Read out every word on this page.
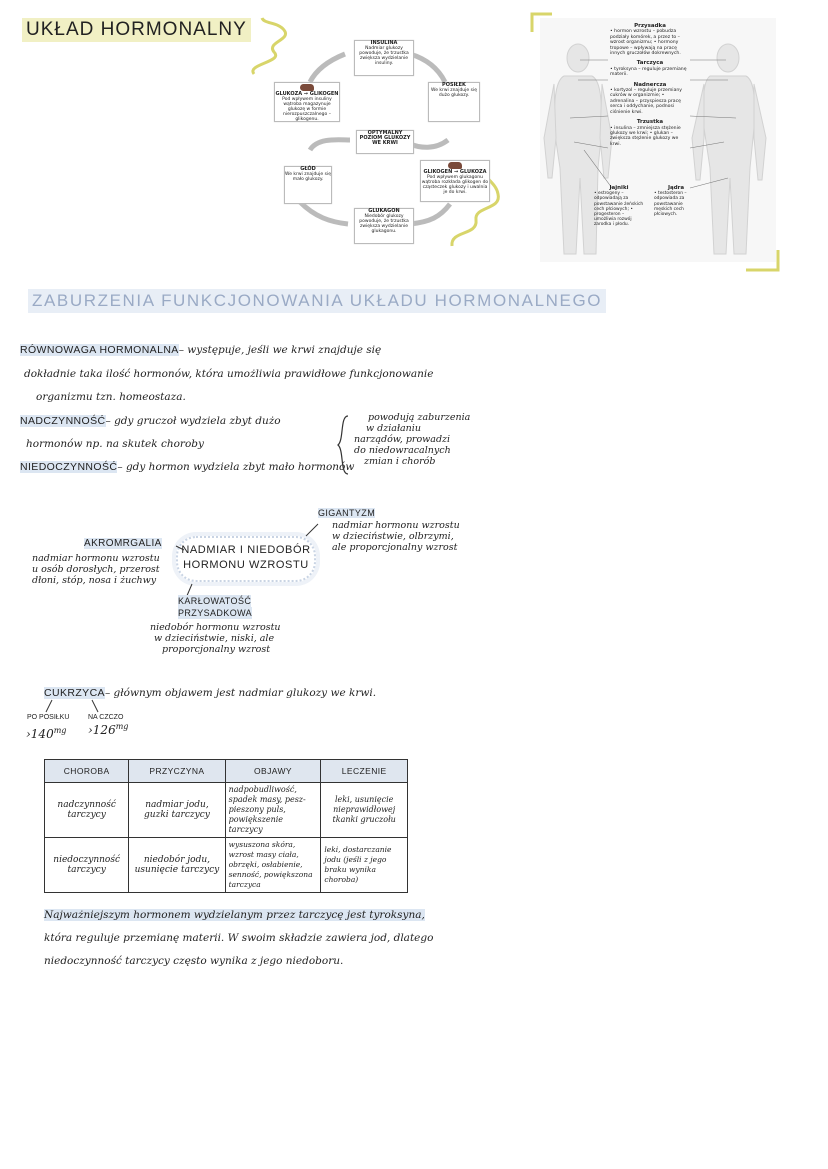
UKŁAD HORMONALNY
INSULINA
Nadmiar glukozy powoduje, że trzustka zwiększa wydzielanie insuliny.
POSIŁEK
We krwi znajduje się dużo glukozy.
GLUKOZA → GLIKOGEN
Pod wpływem insuliny wątroba magazynuje glukozę w formie nierozpuszczalnego – glikogenu.
OPTYMALNY POZIOM GLUKOZY WE KRWI
GŁÓD
We krwi znajduje się mało glukozy.
GLIKOGEN → GLUKOZA
Pod wpływem glukagonu wątroba rozkłada glikogen do cząsteczek glukozy i uwalnia je do krwi.
GLUKAGON
Niedobór glukozy powoduje, że trzustka zwiększa wydzielanie glukagonu.
Przysadka
• hormon wzrostu – pobudza podziały komórek, a przez to – wzrost organizmu; • hormony tropowe – wpływają na pracę innych gruczołów dokrewnych.
Tarczyca
• tyroksyna – reguluje przemianę materii.
Nadnercza
• kortyzol – reguluje przemiany cukrów w organizmie; • adrenalina – przyspiesza pracę serca i oddychanie, podnosi ciśnienie krwi.
Trzustka
• insulina – zmniejsza stężenie glukozy we krwi; • glukan – zwiększa stężenie glukozy we krwi.
Jajniki
• estrogeny – odpowiadają za powstawanie żeńskich cech płciowych; • progesteron – umożliwia rozwój zarodka i płodu.
Jądra
• testosteron – odpowiada za powstawanie męskich cech płciowych.
ZABURZENIA FUNKCJONOWANIA UKŁADU HORMONALNEGO
RÓWNOWAGA HORMONALNA– występuje, jeśli we krwi znajduje się
dokładnie taka ilość hormonów, która umożliwia prawidłowe funkcjonowanie
organizmu tzn. homeostaza.
NADCZYNNOŚĆ– gdy gruczoł wydziela zbyt dużo
hormonów np. na skutek choroby
NIEDOCZYNNOŚĆ– gdy hormon wydziela zbyt mało hormonów
powodują zaburzenia
w działaniu
narządów, prowadzi
do niedowracalnych
zmian i chorób
NADMIAR I NIEDOBÓR
HORMONU WZROSTU
GIGANTYZM
nadmiar hormonu wzrostu
w dzieciństwie, olbrzymi,
ale proporcjonalny wzrost
AKROMRGALIA
nadmiar hormonu wzrostu
u osób dorosłych, przerost
dłoni, stóp, nosa i żuchwy
KARŁOWATOŚĆ
PRZYSADKOWA
niedobór hormonu wzrostu
w dzieciństwie, niski, ale
proporcjonalny wzrost
CUKRZYCA– głównym objawem jest nadmiar glukozy we krwi.
PO POSIŁKU	NA CZCZO
$›140^{mg}$ $›126^{mg}$
CHOROBA	PRZYCZYNA	OBJAWY	LECZENIE
nadczynność tarczycy	nadmiar jodu, guzki tarczycy	nadpobudliwość, spadek masy, pesz-pieszony puls, powiększenie tarczycy	leki, usunięcie nieprawidłowej tkanki gruczołu
niedoczynność tarczycy	niedobór jodu, usunięcie tarczycy	wysuszona skóra, wzrost masy ciała, obrzęki, osłabienie, senność, powiększona tarczyca	leki, dostarczanie jodu (jeśli z jego braku wynika choroba)
Najważniejszym hormonem wydzielanym przez tarczycę jest tyroksyna,
która reguluje przemianę materii. W swoim składzie zawiera jod, dlatego
niedoczynność tarczycy często wynika z jego niedoboru.
